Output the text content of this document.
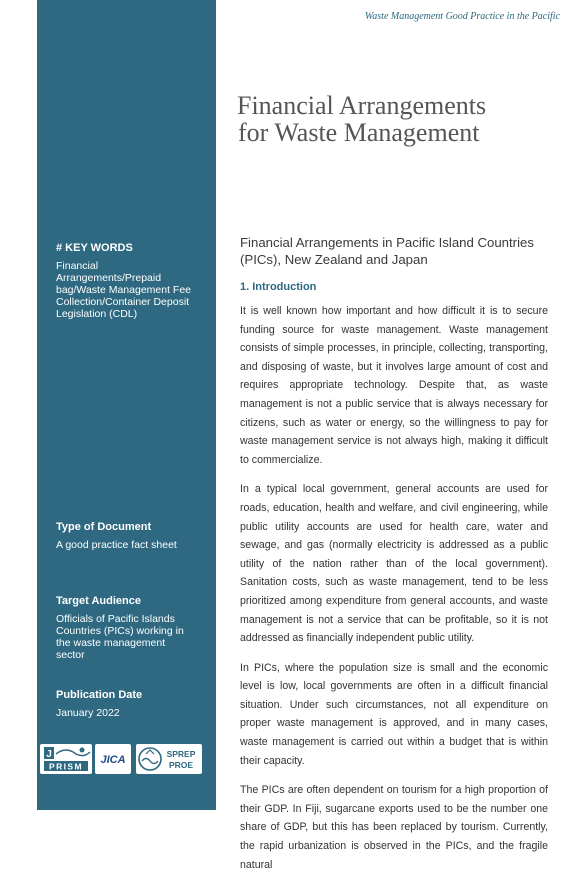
Waste Management Good Practice in the Pacific
Financial Arrangements
for Waste Management
# KEY WORDS
Financial Arrangements/Prepaid bag/Waste Management Fee Collection/Container Deposit Legislation (CDL)
Type of Document
A good practice fact sheet
Target Audience
Officials of Pacific Islands Countries (PICs) working in the waste management sector
Publication Date
January 2022
J
PRISM
JICA	SPREP
PROE

Financial Arrangements in Pacific Island Countries (PICs), New Zealand and Japan

1. Introduction

It is well known how important and how difficult it is to secure funding source for waste management. Waste management consists of simple processes, in principle, collecting, transporting, and disposing of waste, but it involves large amount of cost and requires appropriate technology. Despite that, as waste management is not a public service that is always necessary for citizens, such as water or energy, so the willingness to pay for waste management service is not always high, making it difficult to commercialize.

In a typical local government, general accounts are used for roads, education, health and welfare, and civil engineering, while public utility accounts are used for health care, water and sewage, and gas (normally electricity is addressed as a public utility of the nation rather than of the local government). Sanitation costs, such as waste management, tend to be less prioritized among expenditure from general accounts, and waste management is not a service that can be profitable, so it is not addressed as financially independent public utility.

In PICs, where the population size is small and the economic level is low, local governments are often in a difficult financial situation. Under such circumstances, not all expenditure on proper waste management is approved, and in many cases, waste management is carried out within a budget that is within their capacity.

The PICs are often dependent on tourism for a high proportion of their GDP. In Fiji, sugarcane exports used to be the number one share of GDP, but this has been replaced by tourism. Currently, the rapid urbanization is observed in the PICs, and the fragile natural
